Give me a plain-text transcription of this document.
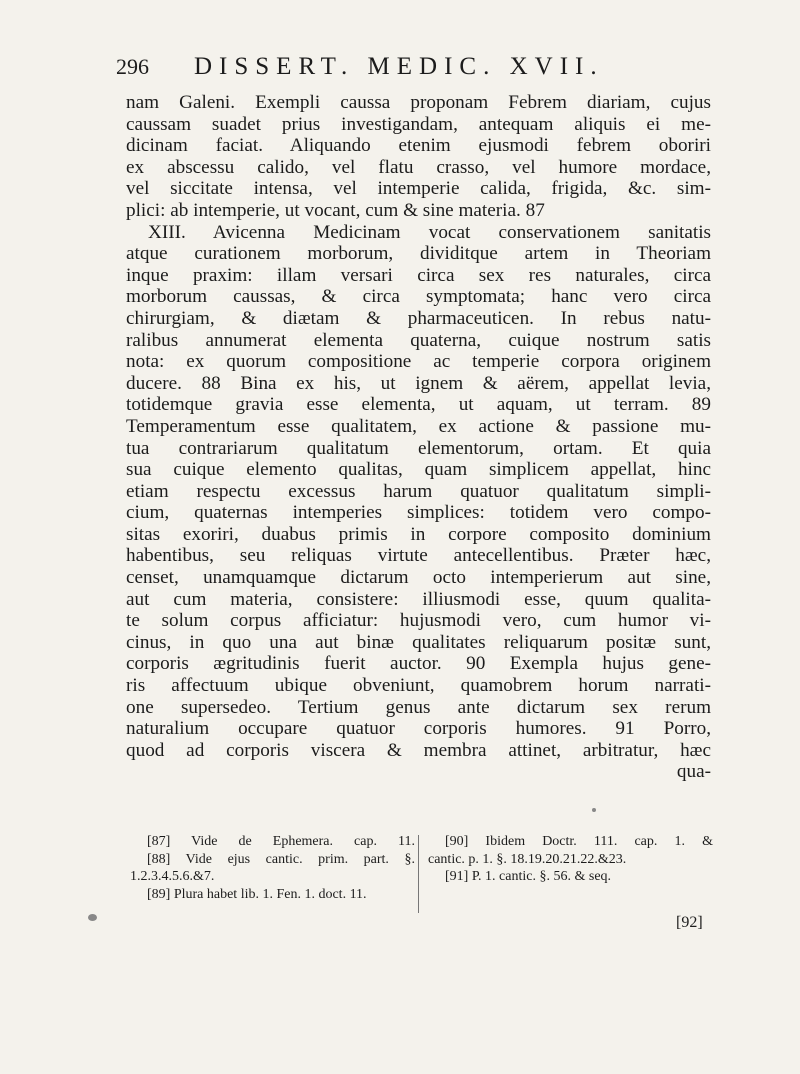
296 DISSERT. MEDIC. XVII.
nam Galeni. Exempli caussa proponam Febrem diariam, cujus
caussam suadet prius investigandam, antequam aliquis ei me-
dicinam faciat. Aliquando etenim ejusmodi febrem oboriri
ex abscessu calido, vel flatu crasso, vel humore mordace,
vel siccitate intensa, vel intemperie calida, frigida, &c. sim-
plici: ab intemperie, ut vocant, cum & sine materia. 87
XIII. Avicenna Medicinam vocat conservationem sanitatis
atque curationem morborum, dividitque artem in Theoriam
inque praxim: illam versari circa sex res naturales, circa
morborum caussas, & circa symptomata; hanc vero circa
chirurgiam, & diætam & pharmaceuticen. In rebus natu-
ralibus annumerat elementa quaterna, cuique nostrum satis
nota: ex quorum compositione ac temperie corpora originem
ducere. 88 Bina ex his, ut ignem & aërem, appellat levia,
totidemque gravia esse elementa, ut aquam, ut terram. 89
Temperamentum esse qualitatem, ex actione & passione mu-
tua contrariarum qualitatum elementorum, ortam. Et quia
sua cuique elemento qualitas, quam simplicem appellat, hinc
etiam respectu excessus harum quatuor qualitatum simpli-
cium, quaternas intemperies simplices: totidem vero compo-
sitas exoriri, duabus primis in corpore composito dominium
habentibus, seu reliquas virtute antecellentibus. Præter hæc,
censet, unamquamque dictarum octo intemperierum aut sine,
aut cum materia, consistere: illiusmodi esse, quum qualita-
te solum corpus afficiatur: hujusmodi vero, cum humor vi-
cinus, in quo una aut binæ qualitates reliquarum positæ sunt,
corporis ægritudinis fuerit auctor. 90 Exempla hujus gene-
ris affectuum ubique obveniunt, quamobrem horum narrati-
one supersedeo. Tertium genus ante dictarum sex rerum
naturalium occupare quatuor corporis humores. 91 Porro,
quod ad corporis viscera & membra attinet, arbitratur, hæc
qua-
[87] Vide de Ephemera. cap. 11.
[88] Vide ejus cantic. prim. part. §.
1.2.3.4.5.6.&7.
[89] Plura habet lib. 1. Fen. 1. doct. 11.
[90] Ibidem Doctr. 111. cap. 1. &
cantic. p. 1. §. 18.19.20.21.22.&23.
[91] P. 1. cantic. §. 56. & seq.
[92]
